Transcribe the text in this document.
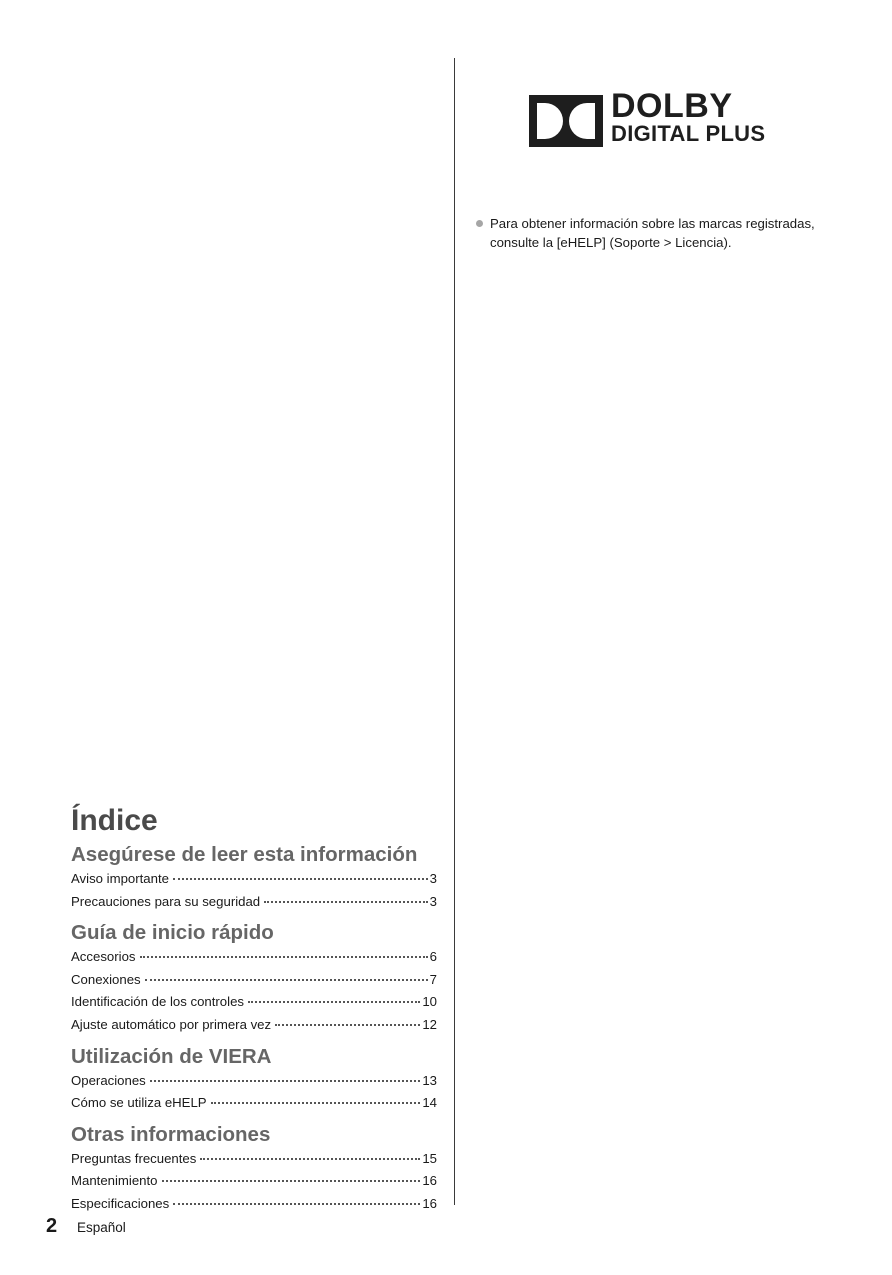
DOLBY
DIGITAL PLUS
Para obtener información sobre las marcas registradas, consulte la [eHELP] (Soporte > Licencia).
Índice
Asegúrese de leer esta información
Aviso importante	3
Precauciones para su seguridad	3
Guía de inicio rápido
Accesorios	6
Conexiones	7
Identificación de los controles	10
Ajuste automático por primera vez	12
Utilización de VIERA
Operaciones	13
Cómo se utiliza eHELP	14
Otras informaciones
Preguntas frecuentes	15
Mantenimiento	16
Especificaciones	16
2 Español
